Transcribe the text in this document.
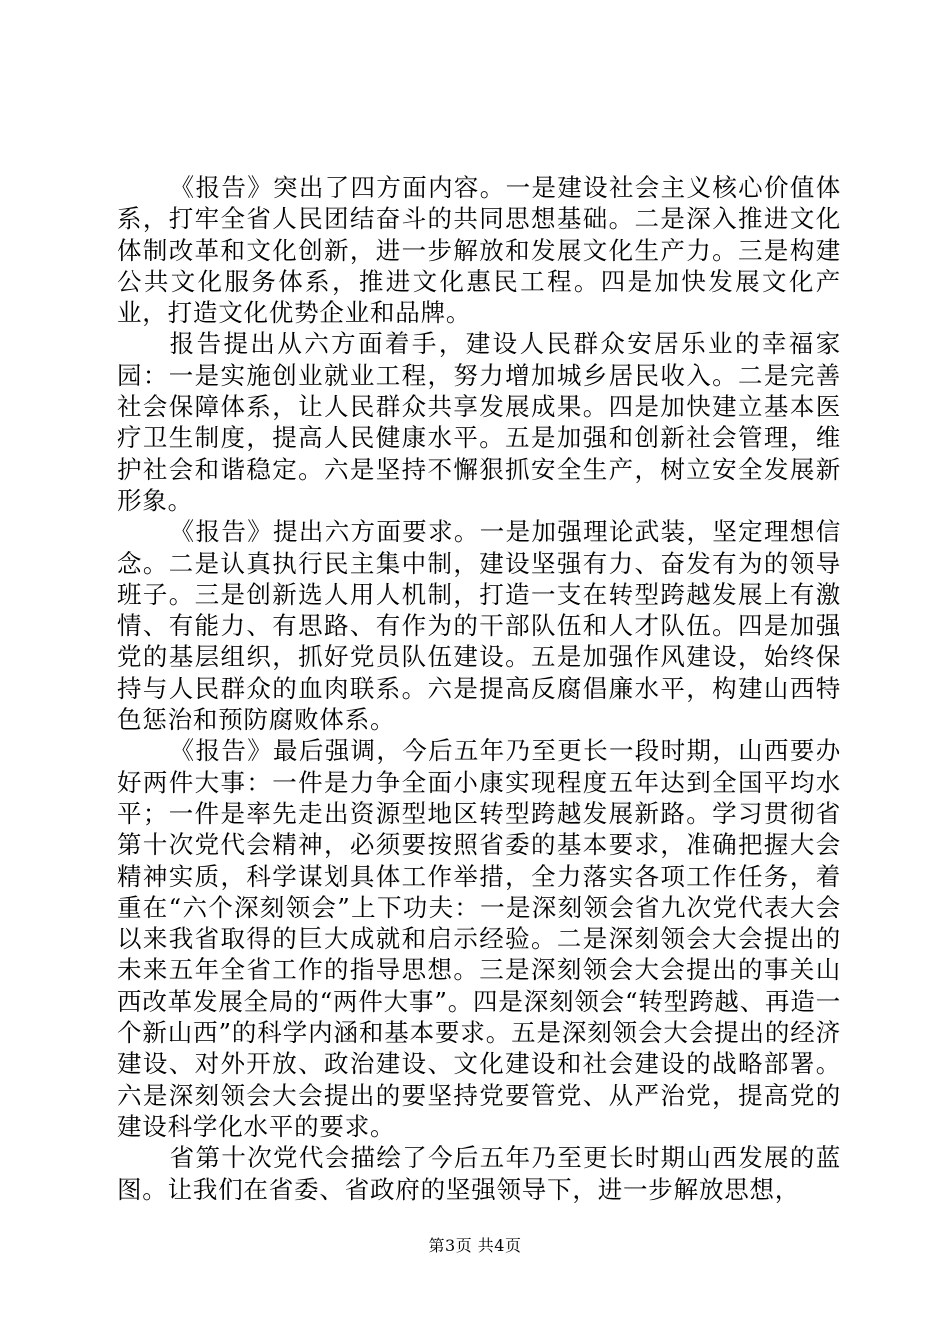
《报告》突出了四方面内容。一是建设社会主义核心价值体系，打牢全省人民团结奋斗的共同思想基础。二是深入推进文化体制改革和文化创新，进一步解放和发展文化生产力。三是构建公共文化服务体系，推进文化惠民工程。四是加快发展文化产业，打造文化优势企业和品牌。

报告提出从六方面着手，建设人民群众安居乐业的幸福家园：一是实施创业就业工程，努力增加城乡居民收入。二是完善社会保障体系，让人民群众共享发展成果。四是加快建立基本医疗卫生制度，提高人民健康水平。五是加强和创新社会管理，维护社会和谐稳定。六是坚持不懈狠抓安全生产，树立安全发展新形象。

《报告》提出六方面要求。一是加强理论武装，坚定理想信念。二是认真执行民主集中制，建设坚强有力、奋发有为的领导班子。三是创新选人用人机制，打造一支在转型跨越发展上有激情、有能力、有思路、有作为的干部队伍和人才队伍。四是加强党的基层组织，抓好党员队伍建设。五是加强作风建设，始终保持与人民群众的血肉联系。六是提高反腐倡廉水平，构建山西特色惩治和预防腐败体系。

《报告》最后强调，今后五年乃至更长一段时期，山西要办好两件大事：一件是力争全面小康实现程度五年达到全国平均水平；一件是率先走出资源型地区转型跨越发展新路。学习贯彻省第十次党代会精神，必须要按照省委的基本要求，准确把握大会精神实质，科学谋划具体工作举措，全力落实各项工作任务，着重在“六个深刻领会”上下功夫：一是深刻领会省九次党代表大会以来我省取得的巨大成就和启示经验。二是深刻领会大会提出的未来五年全省工作的指导思想。三是深刻领会大会提出的事关山西改革发展全局的“两件大事”。四是深刻领会“转型跨越、再造一个新山西”的科学内涵和基本要求。五是深刻领会大会提出的经济建设、对外开放、政治建设、文化建设和社会建设的战略部署。六是深刻领会大会提出的要坚持党要管党、从严治党，提高党的建设科学化水平的要求。

省第十次党代会描绘了今后五年乃至更长时期山西发展的蓝图。让我们在省委、省政府的坚强领导下，进一步解放思想，

第3页 共4页
